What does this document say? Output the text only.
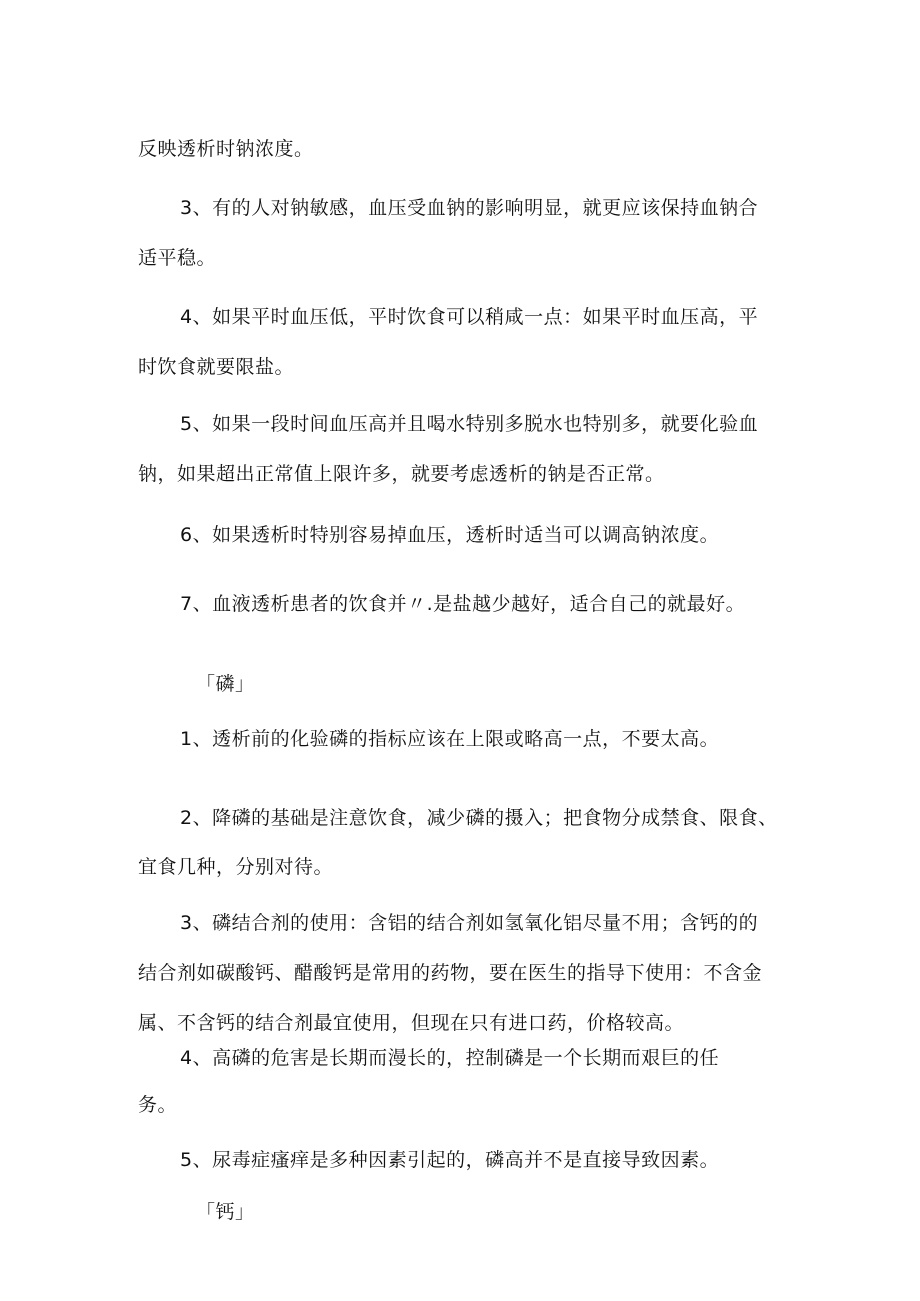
反映透析时钠浓度。

3、有的人对钠敏感，血压受血钠的影响明显，就更应该保持血钠合

适平稳。

4、如果平时血压低，平时饮食可以稍咸一点：如果平时血压高，平

时饮食就要限盐。

5、如果一段时间血压高并且喝水特别多脱水也特别多，就要化验血

钠，如果超出正常值上限许多，就要考虑透析的钠是否正常。

6、如果透析时特别容易掉血压，透析时适当可以调高钠浓度。

7、血液透析患者的饮食并〃.是盐越少越好，适合自己的就最好。

「磷」

1、透析前的化验磷的指标应该在上限或略高一点，不要太高。

2、降磷的基础是注意饮食，减少磷的摄入；把食物分成禁食、限食、

宜食几种，分别对待。

3、磷结合剂的使用：含铝的结合剂如氢氧化铝尽量不用；含钙的的

结合剂如碳酸钙、醋酸钙是常用的药物，要在医生的指导下使用：不含金

属、不含钙的结合剂最宜使用，但现在只有进口药，价格较高。

4、高磷的危害是长期而漫长的，控制磷是一个长期而艰巨的任

务。

5、尿毒症瘙痒是多种因素引起的，磷高并不是直接导致因素。

「钙」
